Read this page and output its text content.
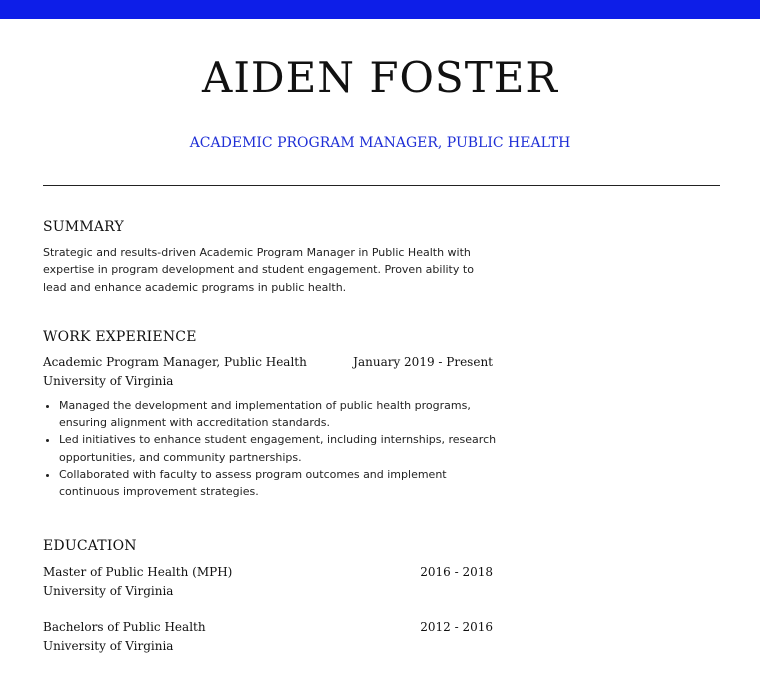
AIDEN FOSTER
ACADEMIC PROGRAM MANAGER, PUBLIC HEALTH
SUMMARY
Strategic and results-driven Academic Program Manager in Public Health with expertise in program development and student engagement. Proven ability to lead and enhance academic programs in public health.
WORK EXPERIENCE
Academic Program Manager, Public Health	January 2019 - Present
University of Virginia
• Managed the development and implementation of public health programs, ensuring alignment with accreditation standards.
• Led initiatives to enhance student engagement, including internships, research opportunities, and community partnerships.
• Collaborated with faculty to assess program outcomes and implement continuous improvement strategies.
EDUCATION
Master of Public Health (MPH)	2016 - 2018
University of Virginia
Bachelors of Public Health	2012 - 2016
University of Virginia
